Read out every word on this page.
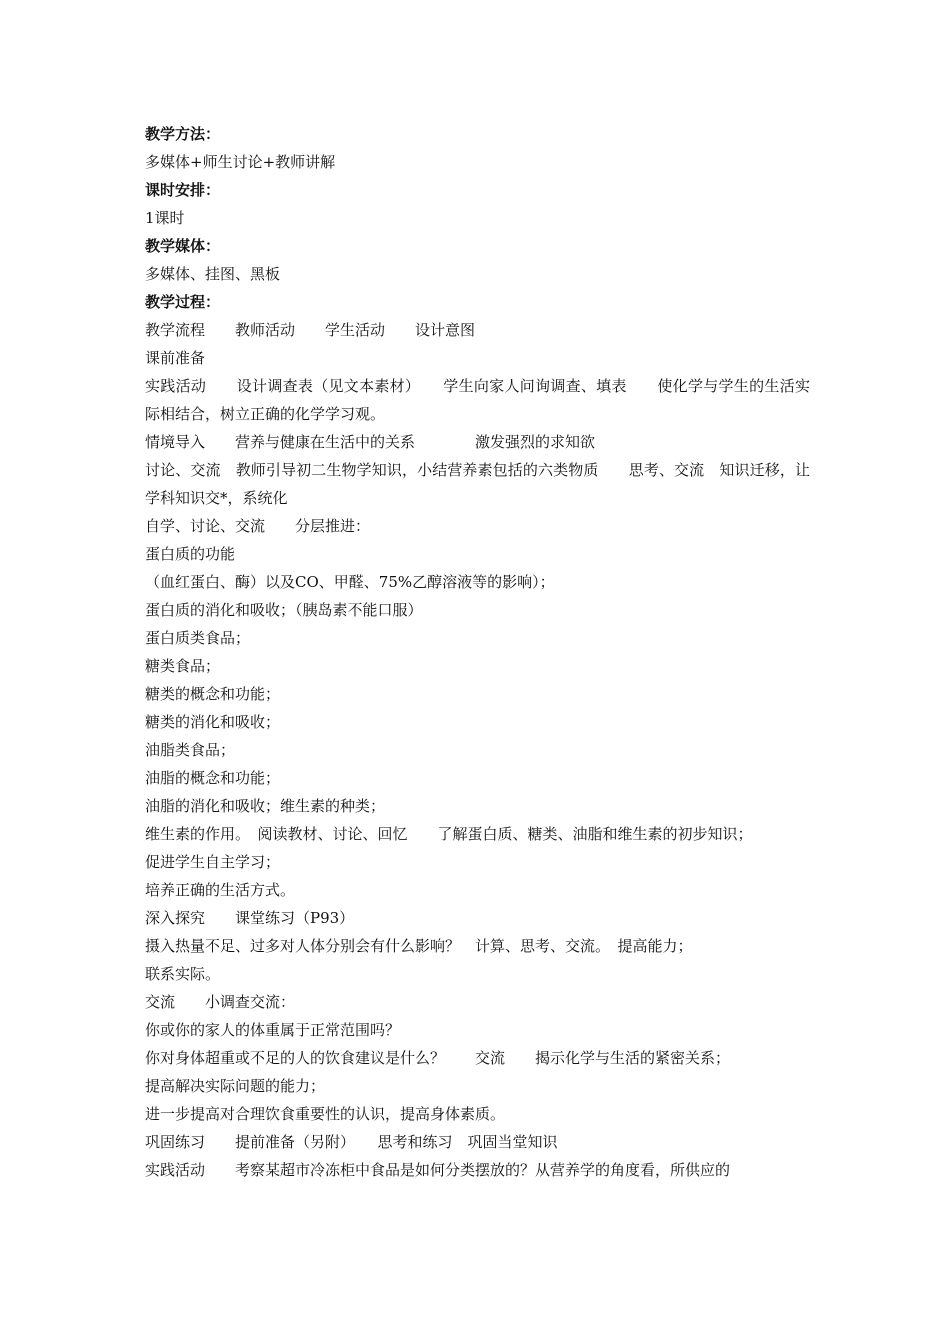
教学方法：
多媒体+师生讨论+教师讲解
课时安排：
1课时
教学媒体：
多媒体、挂图、黑板
教学过程：
教学流程　　教师活动　　学生活动　　设计意图
课前准备
实践活动　　设计调查表（见文本素材）　　学生向家人问询调查、填表　　使化学与学生的生活实际相结合，树立正确的化学学习观。
情境导入　　营养与健康在生活中的关系　　　　激发强烈的求知欲
讨论、交流　教师引导初二生物学知识，小结营养素包括的六类物质　　思考、交流　知识迁移，让学科知识交*，系统化
自学、讨论、交流　　分层推进：
蛋白质的功能
（血红蛋白、酶）以及CO、甲醛、75%乙醇溶液等的影响）；
蛋白质的消化和吸收；（胰岛素不能口服）
蛋白质类食品；
糖类食品；
糖类的概念和功能；
糖类的消化和吸收；
油脂类食品；
油脂的概念和功能；
油脂的消化和吸收；维生素的种类；
维生素的作用。　阅读教材、讨论、回忆　　了解蛋白质、糖类、油脂和维生素的初步知识；
促进学生自主学习；
培养正确的生活方式。
深入探究　　课堂练习（P93）
摄入热量不足、过多对人体分别会有什么影响？　计算、思考、交流。　提高能力；
联系实际。
交流　　小调查交流：
你或你的家人的体重属于正常范围吗？
你对身体超重或不足的人的饮食建议是什么？　　交流　　揭示化学与生活的紧密关系；
提高解决实际问题的能力；
进一步提高对合理饮食重要性的认识，提高身体素质。
巩固练习　　提前准备（另附）　　思考和练习　巩固当堂知识
实践活动　　考察某超市冷冻柜中食品是如何分类摆放的？从营养学的角度看，所供应的
